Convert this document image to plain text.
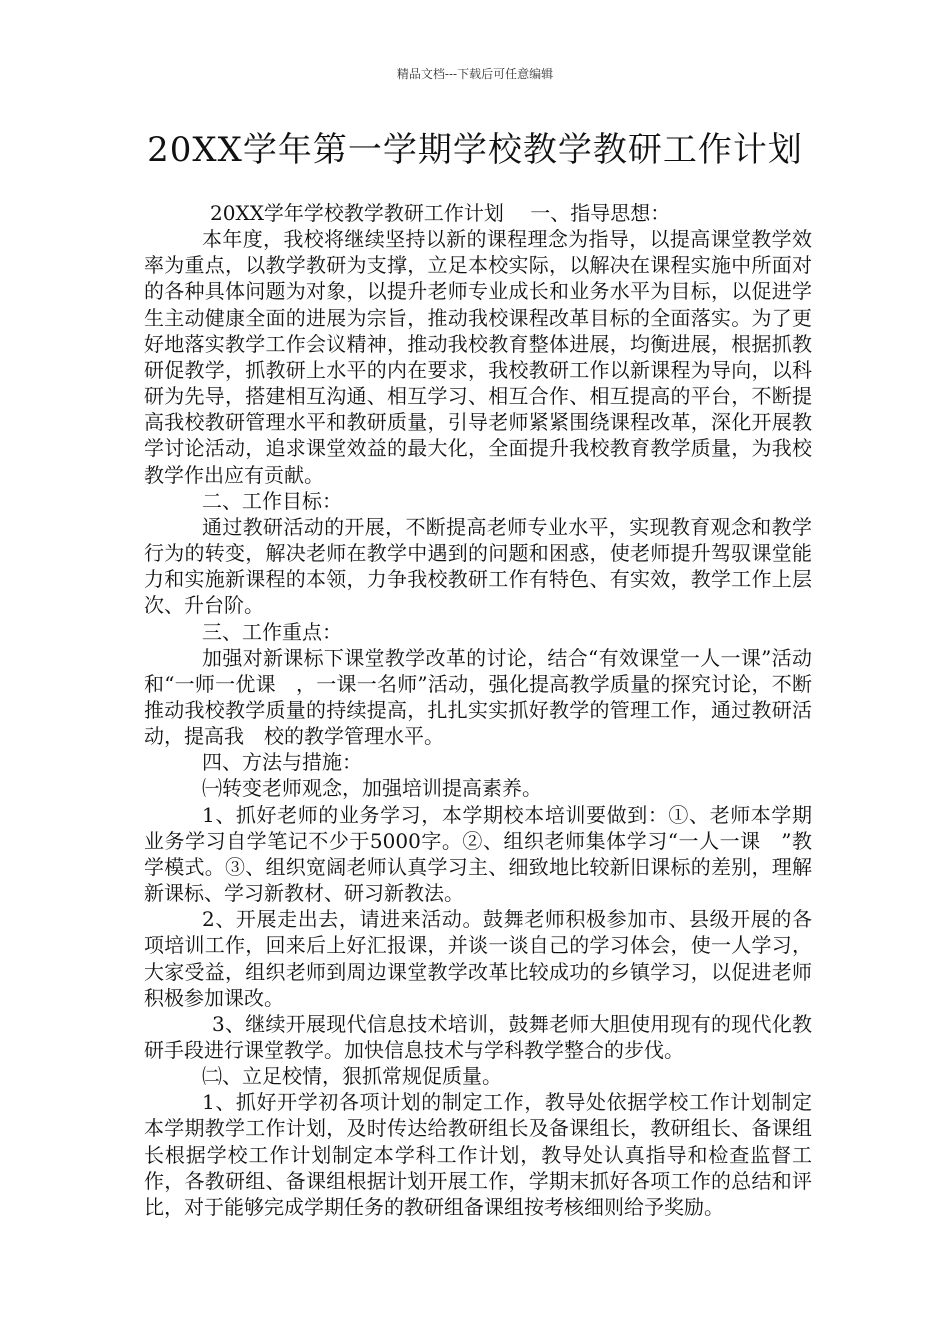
精品文档---下载后可任意编辑
20XX学年第一学期学校教学教研工作计划

20XX学年学校教学教研工作计划　 一、指导思想：

本年度，我校将继续坚持以新的课程理念为指导，以提高课堂教学效率为重点，以教学教研为支撑，立足本校实际，以解决在课程实施中所面对的各种具体问题为对象，以提升老师专业成长和业务水平为目标，以促进学生主动健康全面的进展为宗旨，推动我校课程改革目标的全面落实。为了更好地落实教学工作会议精神，推动我校教育整体进展，均衡进展，根据抓教研促教学，抓教研上水平的内在要求，我校教研工作以新课程为导向，以科研为先导，搭建相互沟通、相互学习、相互合作、相互提高的平台，不断提高我校教研管理水平和教研质量，引导老师紧紧围绕课程改革，深化开展教学讨论活动，追求课堂效益的最大化，全面提升我校教育教学质量，为我校教学作出应有贡献。

二、工作目标：

通过教研活动的开展，不断提高老师专业水平，实现教育观念和教学行为的转变，解决老师在教学中遇到的问题和困惑，使老师提升驾驭课堂能力和实施新课程的本领，力争我校教研工作有特色、有实效，教学工作上层次、升台阶。

三、工作重点：

加强对新课标下课堂教学改革的讨论，结合“有效课堂一人一课”活动和“一师一优课　，一课一名师”活动，强化提高教学质量的探究讨论，不断推动我校教学质量的持续提高，扎扎实实抓好教学的管理工作，通过教研活动，提高我　校的教学管理水平。

四、方法与措施：

㈠转变老师观念，加强培训提高素养。

1、抓好老师的业务学习，本学期校本培训要做到：①、老师本学期业务学习自学笔记不少于5000字。②、组织老师集体学习“一人一课　”教学模式。③、组织宽阔老师认真学习主、细致地比较新旧课标的差别，理解新课标、学习新教材、研习新教法。

2、开展走出去，请进来活动。鼓舞老师积极参加市、县级开展的各项培训工作，回来后上好汇报课，并谈一谈自己的学习体会，使一人学习，大家受益，组织老师到周边课堂教学改革比较成功的乡镇学习，以促进老师积极参加课改。

3、继续开展现代信息技术培训，鼓舞老师大胆使用现有的现代化教研手段进行课堂教学。加快信息技术与学科教学整合的步伐。

㈡、立足校情，狠抓常规促质量。

1、抓好开学初各项计划的制定工作，教导处依据学校工作计划制定本学期教学工作计划，及时传达给教研组长及备课组长，教研组长、备课组长根据学校工作计划制定本学科工作计划，教导处认真指导和检查监督工作，各教研组、备课组根据计划开展工作，学期末抓好各项工作的总结和评比，对于能够完成学期任务的教研组备课组按考核细则给予奖励。
